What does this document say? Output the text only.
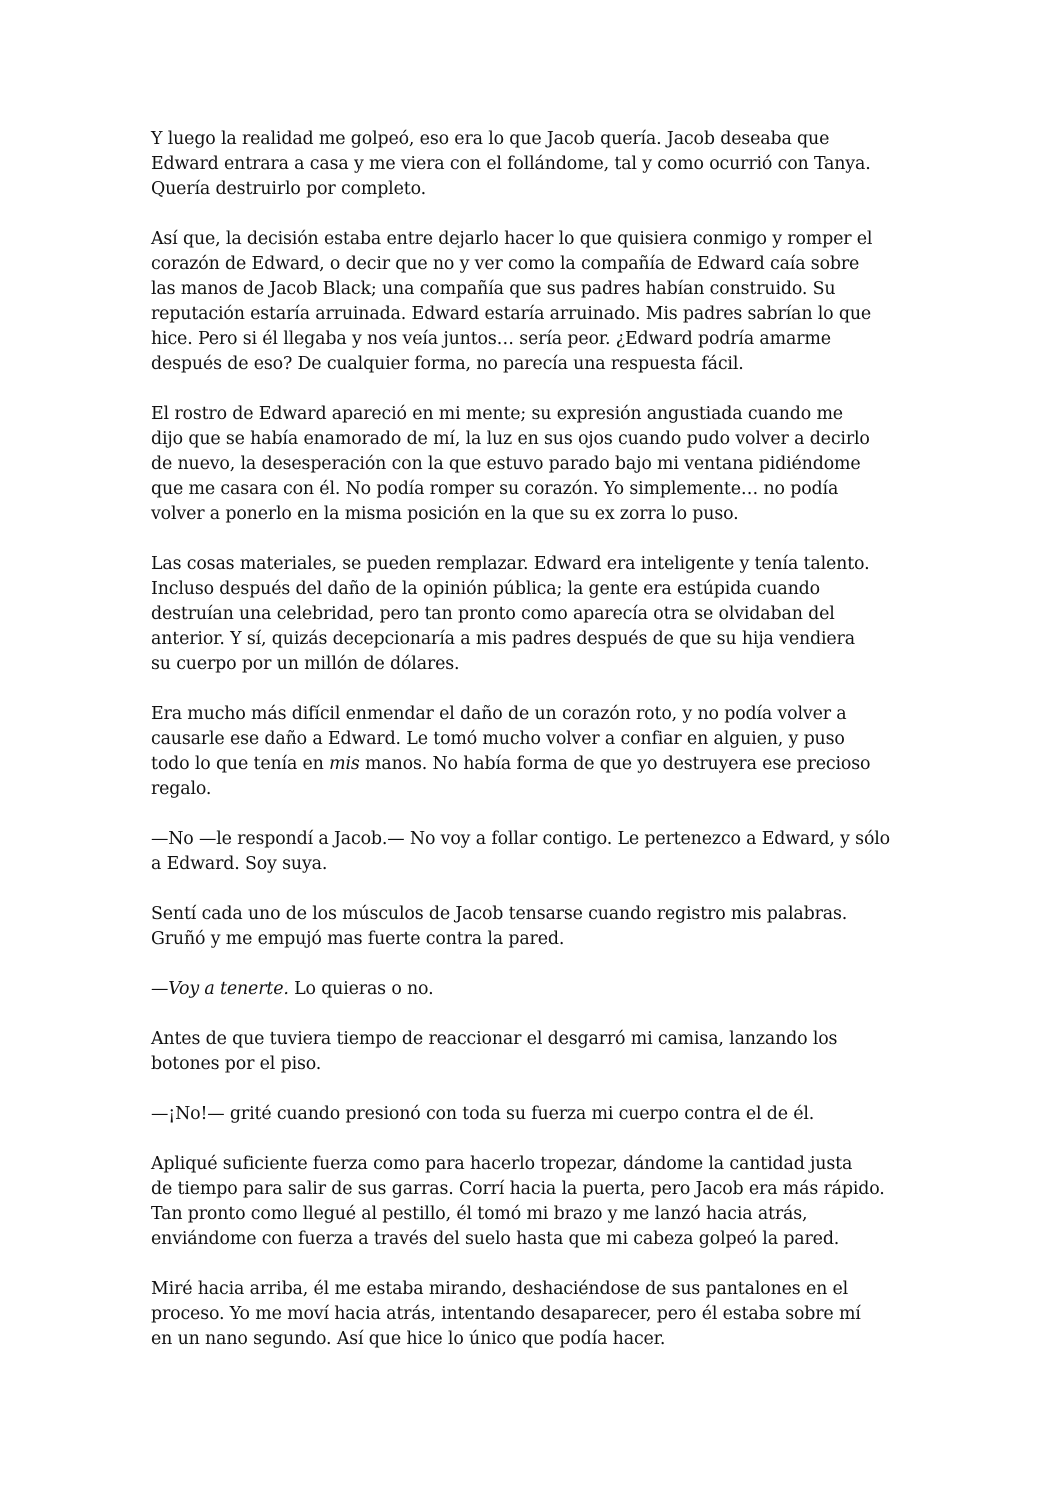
Y luego la realidad me golpeó, eso era lo que Jacob quería. Jacob deseaba que
Edward entrara a casa y me viera con el follándome, tal y como ocurrió con Tanya.
Quería destruirlo por completo.
Así que, la decisión estaba entre dejarlo hacer lo que quisiera conmigo y romper el
corazón de Edward, o decir que no y ver como la compañía de Edward caía sobre
las manos de Jacob Black; una compañía que sus padres habían construido. Su
reputación estaría arruinada. Edward estaría arruinado. Mis padres sabrían lo que
hice. Pero si él llegaba y nos veía juntos… sería peor. ¿Edward podría amarme
después de eso? De cualquier forma, no parecía una respuesta fácil.
El rostro de Edward apareció en mi mente; su expresión angustiada cuando me
dijo que se había enamorado de mí, la luz en sus ojos cuando pudo volver a decirlo
de nuevo, la desesperación con la que estuvo parado bajo mi ventana pidiéndome
que me casara con él. No podía romper su corazón. Yo simplemente… no podía
volver a ponerlo en la misma posición en la que su ex zorra lo puso.
Las cosas materiales, se pueden remplazar. Edward era inteligente y tenía talento.
Incluso después del daño de la opinión pública; la gente era estúpida cuando
destruían una celebridad, pero tan pronto como aparecía otra se olvidaban del
anterior. Y sí, quizás decepcionaría a mis padres después de que su hija vendiera
su cuerpo por un millón de dólares.
Era mucho más difícil enmendar el daño de un corazón roto, y no podía volver a
causarle ese daño a Edward. Le tomó mucho volver a confiar en alguien, y puso
todo lo que tenía en mis manos. No había forma de que yo destruyera ese precioso
regalo.
—No —le respondí a Jacob.— No voy a follar contigo. Le pertenezco a Edward, y sólo
a Edward. Soy suya.
Sentí cada uno de los músculos de Jacob tensarse cuando registro mis palabras.
Gruñó y me empujó mas fuerte contra la pared.
—Voy a tenerte. Lo quieras o no.
Antes de que tuviera tiempo de reaccionar el desgarró mi camisa, lanzando los
botones por el piso.
—¡No!— grité cuando presionó con toda su fuerza mi cuerpo contra el de él.
Apliqué suficiente fuerza como para hacerlo tropezar, dándome la cantidad justa
de tiempo para salir de sus garras. Corrí hacia la puerta, pero Jacob era más rápido.
Tan pronto como llegué al pestillo, él tomó mi brazo y me lanzó hacia atrás,
enviándome con fuerza a través del suelo hasta que mi cabeza golpeó la pared.
Miré hacia arriba, él me estaba mirando, deshaciéndose de sus pantalones en el
proceso. Yo me moví hacia atrás, intentando desaparecer, pero él estaba sobre mí
en un nano segundo. Así que hice lo único que podía hacer.
